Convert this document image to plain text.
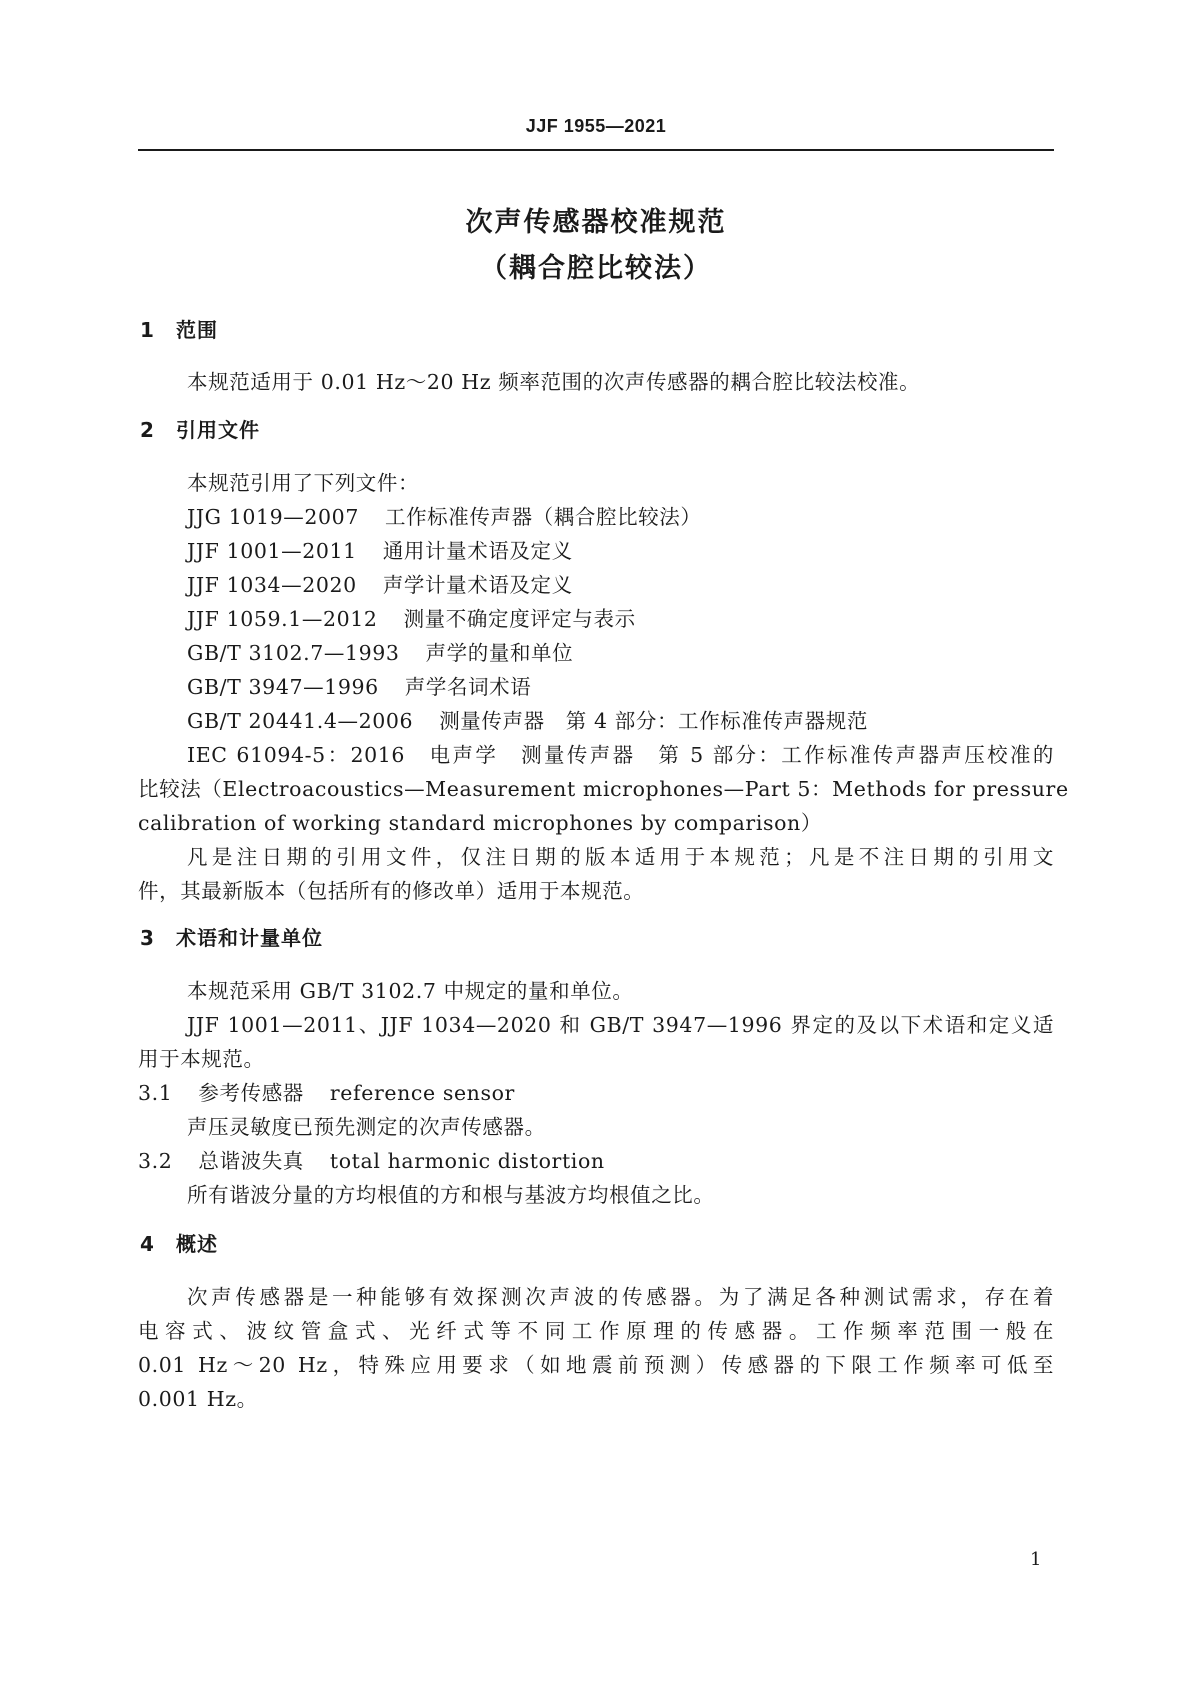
JJF 1955—2021
次声传感器校准规范
（耦合腔比较法）
1 范围
本规范适用于 0.01 Hz～20 Hz 频率范围的次声传感器的耦合腔比较法校准。
2 引用文件
本规范引用了下列文件：
JJG 1019—2007 工作标准传声器（耦合腔比较法）
JJF 1001—2011 通用计量术语及定义
JJF 1034—2020 声学计量术语及定义
JJF 1059.1—2012 测量不确定度评定与表示
GB/T 3102.7—1993 声学的量和单位
GB/T 3947—1996 声学名词术语
GB/T 20441.4—2006 测量传声器　第 4 部分：工作标准传声器规范
IEC 61094-5：2016　电声学　测量传声器　第 5 部分：工作标准传声器声压校准的
比较法（Electroacoustics—Measurement microphones—Part 5：Methods for pressure
calibration of working standard microphones by comparison）
凡是注日期的引用文件，仅注日期的版本适用于本规范；凡是不注日期的引用文
件，其最新版本（包括所有的修改单）适用于本规范。
3 术语和计量单位
本规范采用 GB/T 3102.7 中规定的量和单位。
JJF 1001—2011、JJF 1034—2020 和 GB/T 3947—1996 界定的及以下术语和定义适
用于本规范。
3.1 参考传感器 reference sensor
声压灵敏度已预先测定的次声传感器。
3.2 总谐波失真 total harmonic distortion
所有谐波分量的方均根值的方和根与基波方均根值之比。
4 概述
次声传感器是一种能够有效探测次声波的传感器。为了满足各种测试需求，存在着
电容式、波纹管盒式、光纤式等不同工作原理的传感器。工作频率范围一般在
0.01 Hz～20 Hz，特殊应用要求（如地震前预测）传感器的下限工作频率可低至
0.001 Hz。
1
